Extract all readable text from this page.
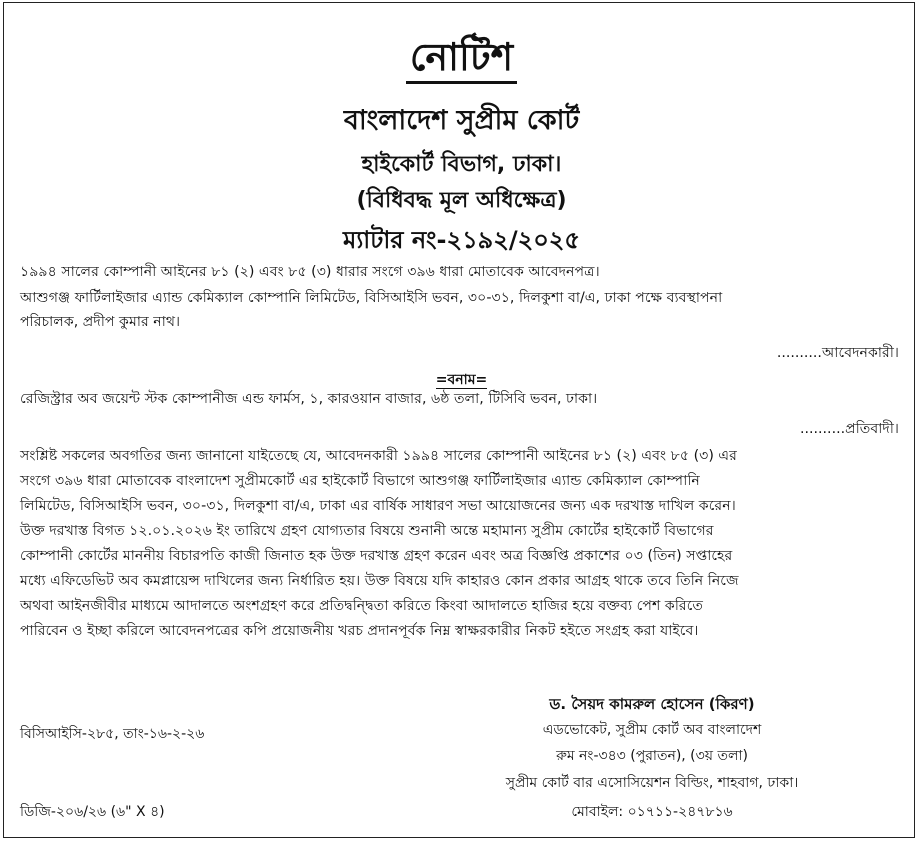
নোটিশ
বাংলাদেশ সুপ্রীম কোর্ট
হাইকোর্ট বিভাগ, ঢাকা।
(বিধিবদ্ধ মূল অধিক্ষেত্র)
ম্যাটার নং-২১৯২/২০২৫
১৯৯৪ সালের কোম্পানী আইনের ৮১ (২) এবং ৮৫ (৩) ধারার সংগে ৩৯৬ ধারা মোতাবেক আবেদনপত্র।
আশুগঞ্জ ফার্টিলাইজার এ্যান্ড কেমিক্যাল কোম্পানি লিমিটেড, বিসিআইসি ভবন, ৩০-৩১, দিলকুশা বা/এ, ঢাকা পক্ষে ব্যবস্থাপনা
পরিচালক, প্রদীপ কুমার নাথ।
..........আবেদনকারী।
=বনাম=
রেজিস্ট্রার অব জয়েন্ট স্টক কোম্পানীজ এন্ড ফার্মস, ১, কারওয়ান বাজার, ৬ষ্ঠ তলা, টিসিবি ভবন, ঢাকা।
..........প্রতিবাদী।
সংশ্লিষ্ট সকলের অবগতির জন্য জানানো যাইতেছে যে, আবেদনকারী ১৯৯৪ সালের কোম্পানী আইনের ৮১ (২) এবং ৮৫ (৩) এর
সংগে ৩৯৬ ধারা মোতাবেক বাংলাদেশ সুপ্রীমকোর্ট এর হাইকোর্ট বিভাগে আশুগঞ্জ ফার্টিলাইজার এ্যান্ড কেমিক্যাল কোম্পানি
লিমিটেড, বিসিআইসি ভবন, ৩০-৩১, দিলকুশা বা/এ, ঢাকা এর বার্ষিক সাধারণ সভা আয়োজনের জন্য এক দরখাস্ত দাখিল করেন।
উক্ত দরখাস্ত বিগত ১২.০১.২০২৬ ইং তারিখে গ্রহণ যোগ্যতার বিষয়ে শুনানী অন্তে মহামান্য সুপ্রীম কোর্টের হাইকোর্ট বিভাগের
কোম্পানী কোর্টের মাননীয় বিচারপতি কাজী জিনাত হক উক্ত দরখাস্ত গ্রহণ করেন এবং অত্র বিজ্ঞপ্তি প্রকাশের ০৩ (তিন) সপ্তাহের
মধ্যে এফিডেভিট অব কমপ্লায়েন্স দাখিলের জন্য নির্ধারিত হয়। উক্ত বিষয়ে যদি কাহারও কোন প্রকার আগ্রহ থাকে তবে তিনি নিজে
অথবা আইনজীবীর মাধ্যমে আদালতে অংশগ্রহণ করে প্রতিদ্বন্দ্বিতা করিতে কিংবা আদালতে হাজির হয়ে বক্তব্য পেশ করিতে
পারিবেন ও ইচ্ছা করিলে আবেদনপত্রের কপি প্রয়োজনীয় খরচ প্রদানপূর্বক নিম্ন স্বাক্ষরকারীর নিকট হইতে সংগ্রহ করা যাইবে।
ড. সৈয়দ কামরুল হোসেন (কিরণ)
এডভোকেট, সুপ্রীম কোর্ট অব বাংলাদেশ
রুম নং-৩৪৩ (পুরাতন), (৩য় তলা)
সুপ্রীম কোর্ট বার এসোসিয়েশন বিল্ডিং, শাহবাগ, ঢাকা।
মোবাইল: ০১৭১১-২৪৭৮১৬
বিসিআইসি-২৮৫, তাং-১৬-২-২৬
ডিজি-২০৬/২৬ (৬" X ৪)
